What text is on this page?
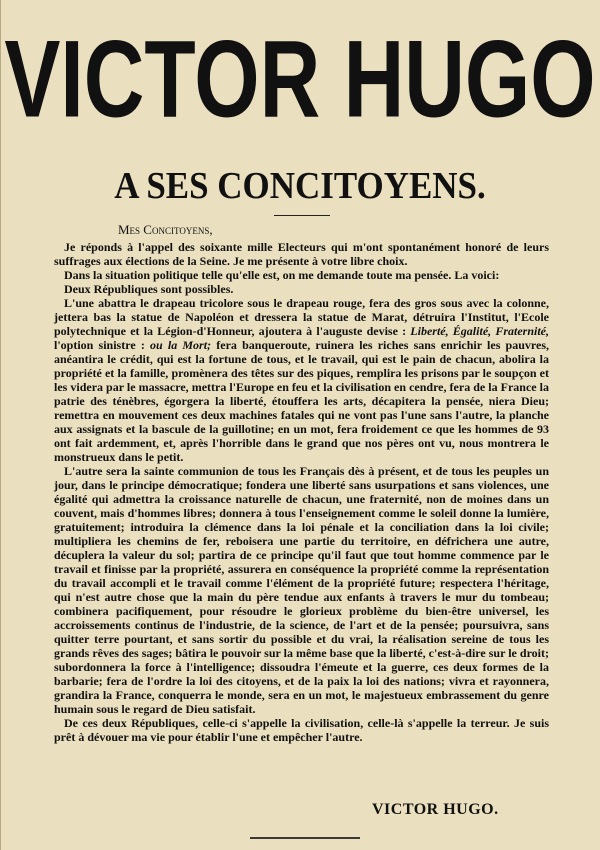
VICTOR HUGO
A SES CONCITOYENS.
Mes Concitoyens,

Je réponds à l'appel des soixante mille Electeurs qui m'ont spontanément honoré de leurs suffrages aux élections de la Seine. Je me présente à votre libre choix.

Dans la situation politique telle qu'elle est, on me demande toute ma pensée. La voici:

Deux Républiques sont possibles.

L'une abattra le drapeau tricolore sous le drapeau rouge, fera des gros sous avec la colonne, jettera bas la statue de Napoléon et dressera la statue de Marat, détruira l'Institut, l'Ecole polytechnique et la Légion-d'Honneur, ajoutera à l'auguste devise : Liberté, Égalité, Fraternité, l'option sinistre : ou la Mort; fera banqueroute, ruinera les riches sans enrichir les pauvres, anéantira le crédit, qui est la fortune de tous, et le travail, qui est le pain de chacun, abolira la propriété et la famille, promènera des têtes sur des piques, remplira les prisons par le soupçon et les videra par le massacre, mettra l'Europe en feu et la civilisation en cendre, fera de la France la patrie des ténèbres, égorgera la liberté, étouffera les arts, décapitera la pensée, niera Dieu; remettra en mouvement ces deux machines fatales qui ne vont pas l'une sans l'autre, la planche aux assignats et la bascule de la guillotine; en un mot, fera froidement ce que les hommes de 93 ont fait ardemment, et, après l'horrible dans le grand que nos pères ont vu, nous montrera le monstrueux dans le petit.

L'autre sera la sainte communion de tous les Français dès à présent, et de tous les peuples un jour, dans le principe démocratique; fondera une liberté sans usurpations et sans violences, une égalité qui admettra la croissance naturelle de chacun, une fraternité, non de moines dans un couvent, mais d'hommes libres; donnera à tous l'enseignement comme le soleil donne la lumière, gratuitement; introduira la clémence dans la loi pénale et la conciliation dans la loi civile; multipliera les chemins de fer, reboisera une partie du territoire, en défrichera une autre, décuplera la valeur du sol; partira de ce principe qu'il faut que tout homme commence par le travail et finisse par la propriété, assurera en conséquence la propriété comme la représentation du travail accompli et le travail comme l'élément de la propriété future; respectera l'héritage, qui n'est autre chose que la main du père tendue aux enfants à travers le mur du tombeau; combinera pacifiquement, pour résoudre le glorieux problème du bien-être universel, les accroissements continus de l'industrie, de la science, de l'art et de la pensée; poursuivra, sans quitter terre pourtant, et sans sortir du possible et du vrai, la réalisation sereine de tous les grands rêves des sages; bâtira le pouvoir sur la même base que la liberté, c'est-à-dire sur le droit; subordonnera la force à l'intelligence; dissoudra l'émeute et la guerre, ces deux formes de la barbarie; fera de l'ordre la loi des citoyens, et de la paix la loi des nations; vivra et rayonnera, grandira la France, conquerra le monde, sera en un mot, le majestueux embrassement du genre humain sous le regard de Dieu satisfait.

De ces deux Républiques, celle-ci s'appelle la civilisation, celle-là s'appelle la terreur. Je suis prêt à dévouer ma vie pour établir l'une et empêcher l'autre.

VICTOR HUGO.
